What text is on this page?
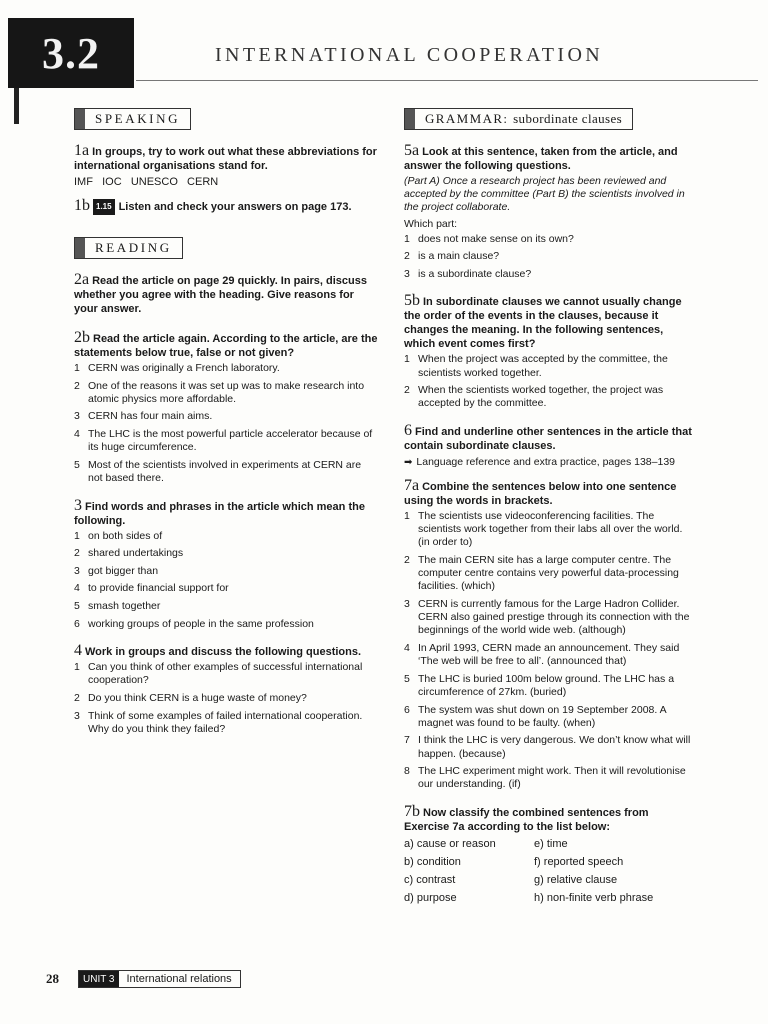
3.2	INTERNATIONAL COOPERATION
SPEAKING

1a In groups, try to work out what these abbreviations for international organisations stand for.

IMF   IOC   UNESCO   CERN

1b 1.15 Listen and check your answers on page 173.

READING

2a Read the article on page 29 quickly. In pairs, discuss whether you agree with the heading. Give reasons for your answer.

2b Read the article again. According to the article, are the statements below true, false or not given?

1 CERN was originally a French laboratory.
2 One of the reasons it was set up was to make research into atomic physics more affordable.
3 CERN has four main aims.
4 The LHC is the most powerful particle accelerator because of its huge circumference.
5 Most of the scientists involved in experiments at CERN are not based there.

3 Find words and phrases in the article which mean the following.

1 on both sides of
2 shared undertakings
3 got bigger than
4 to provide financial support for
5 smash together
6 working groups of people in the same profession

4 Work in groups and discuss the following questions.

1 Can you think of other examples of successful international cooperation?
2 Do you think CERN is a huge waste of money?
3 Think of some examples of failed international cooperation. Why do you think they failed?
GRAMMAR: subordinate clauses

5a Look at this sentence, taken from the article, and answer the following questions.

(Part A) Once a research project has been reviewed and accepted by the committee (Part B) the scientists involved in the project collaborate.

Which part:

1 does not make sense on its own?
2 is a main clause?
3 is a subordinate clause?

5b In subordinate clauses we cannot usually change the order of the events in the clauses, because it changes the meaning. In the following sentences, which event comes first?

1 When the project was accepted by the committee, the scientists worked together.
2 When the scientists worked together, the project was accepted by the committee.

6 Find and underline other sentences in the article that contain subordinate clauses.

➡ Language reference and extra practice, pages 138–139

7a Combine the sentences below into one sentence using the words in brackets.

1 The scientists use videoconferencing facilities. The scientists work together from their labs all over the world. (in order to)
2 The main CERN site has a large computer centre. The computer centre contains very powerful data-processing facilities. (which)
3 CERN is currently famous for the Large Hadron Collider. CERN also gained prestige through its connection with the beginnings of the world wide web. (although)
4 In April 1993, CERN made an announcement. They said ‘The web will be free to all’. (announced that)
5 The LHC is buried 100m below ground. The LHC has a circumference of 27km. (buried)
6 The system was shut down on 19 September 2008. A magnet was found to be faulty. (when)
7 I think the LHC is very dangerous. We don’t know what will happen. (because)
8 The LHC experiment might work. Then it will revolutionise our understanding. (if)

7b Now classify the combined sentences from Exercise 7a according to the list below:

a) cause or reason	e) time
b) condition	f) reported speech
c) contrast	g) relative clause
d) purpose	h) non-finite verb phrase
28	UNIT 3	International relations
